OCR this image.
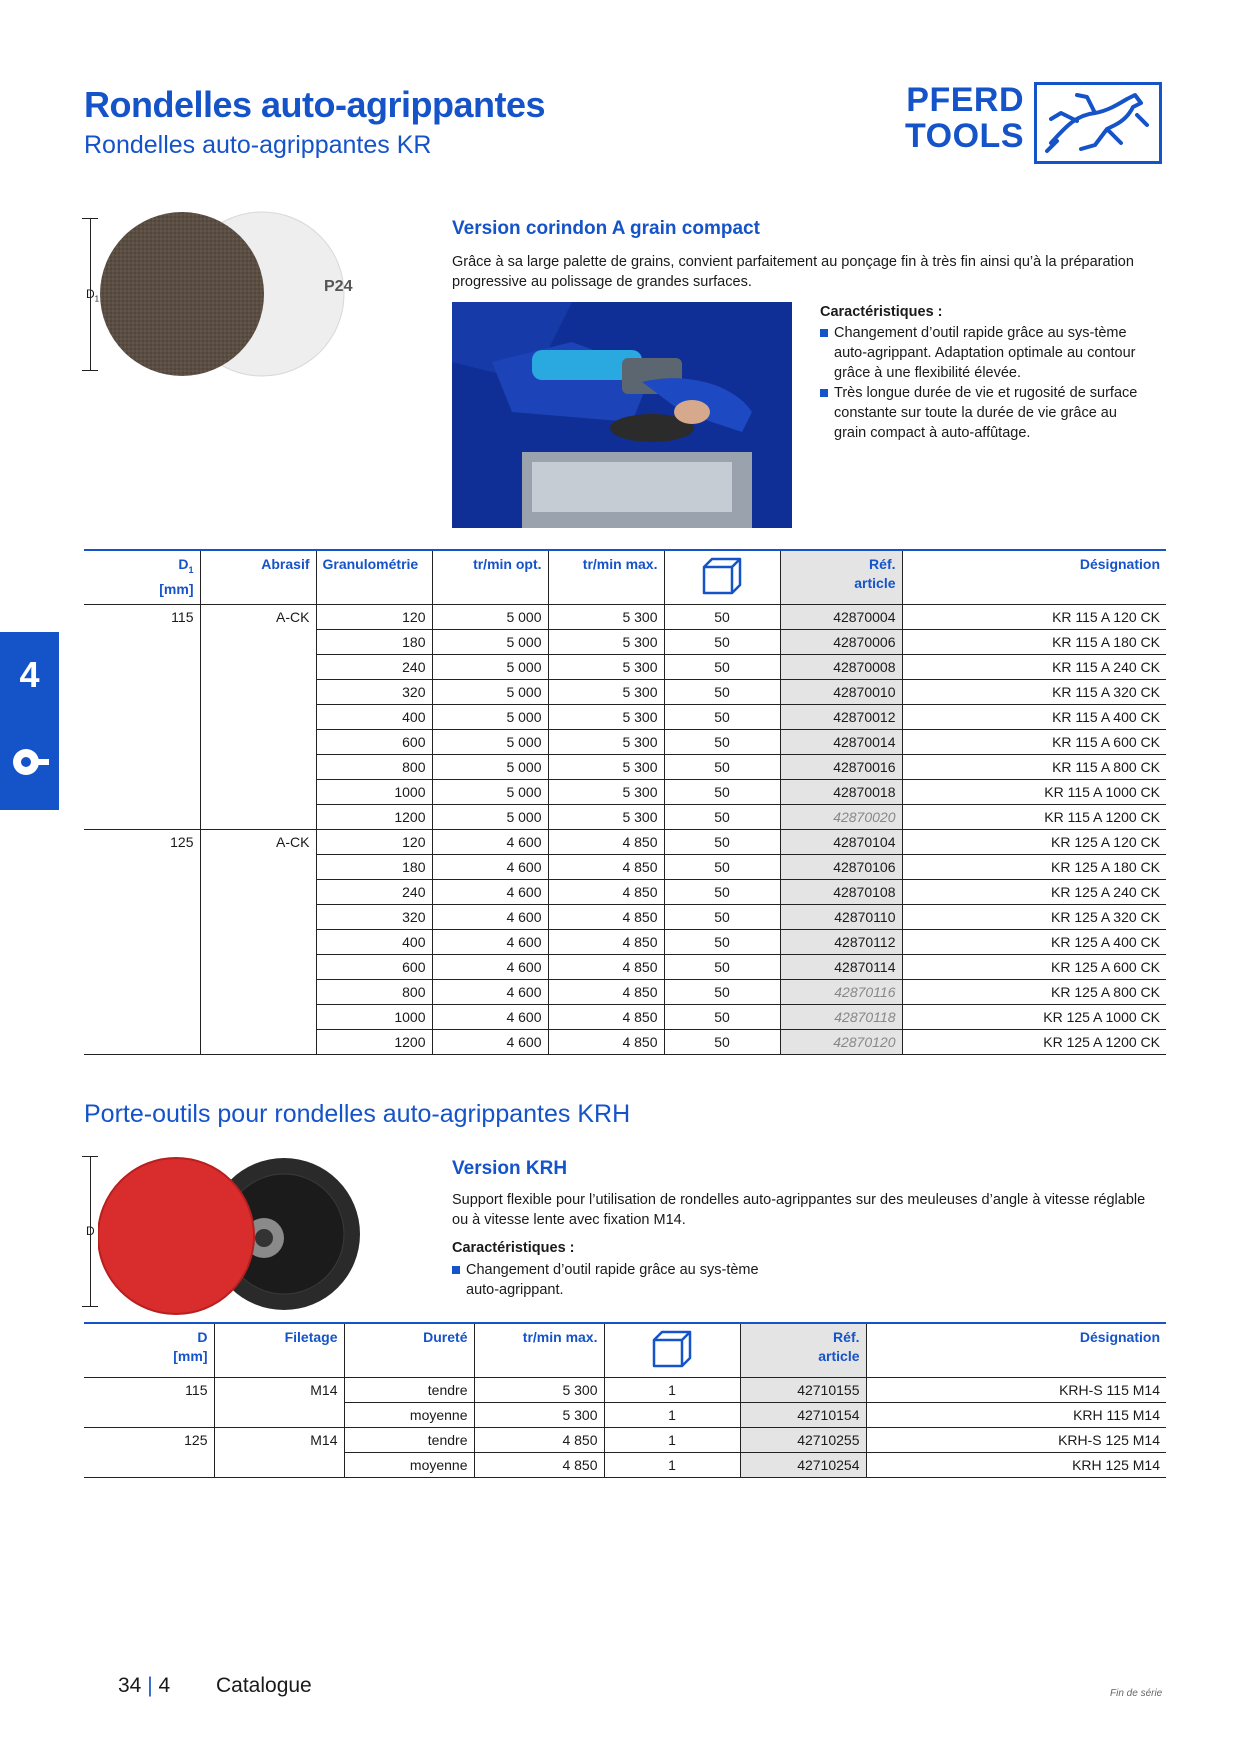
Rondelles auto-agrippantes
Rondelles auto-agrippantes KR
PFERD
TOOLS
4
$D_1$
P24
Version corindon A grain compact
Grâce à sa large palette de grains, convient parfaitement au ponçage fin à très fin ainsi qu’à la préparation progressive au polissage de grandes surfaces.
Caractéristiques :
Changement d’outil rapide grâce au sys-tème auto-agrippant. Adaptation optimale au contour grâce à une flexibilité élevée.
Très longue durée de vie et rugosité de surface constante sur toute la durée de vie grâce au grain compact à auto-affûtage.
$D_1$
[mm]	Abrasif	Granulométrie	tr/min opt.	tr/min max.		Réf.
article	Désignation
115	A-CK	120	5 000	5 300	50	42870004	KR 115 A 120 CK
		180	5 000	5 300	50	42870006	KR 115 A 180 CK
		240	5 000	5 300	50	42870008	KR 115 A 240 CK
		320	5 000	5 300	50	42870010	KR 115 A 320 CK
		400	5 000	5 300	50	42870012	KR 115 A 400 CK
		600	5 000	5 300	50	42870014	KR 115 A 600 CK
		800	5 000	5 300	50	42870016	KR 115 A 800 CK
		1000	5 000	5 300	50	42870018	KR 115 A 1000 CK
		1200	5 000	5 300	50	42870020	KR 115 A 1200 CK
125	A-CK	120	4 600	4 850	50	42870104	KR 125 A 120 CK
		180	4 600	4 850	50	42870106	KR 125 A 180 CK
		240	4 600	4 850	50	42870108	KR 125 A 240 CK
		320	4 600	4 850	50	42870110	KR 125 A 320 CK
		400	4 600	4 850	50	42870112	KR 125 A 400 CK
		600	4 600	4 850	50	42870114	KR 125 A 600 CK
		800	4 600	4 850	50	42870116	KR 125 A 800 CK
		1000	4 600	4 850	50	42870118	KR 125 A 1000 CK
		1200	4 600	4 850	50	42870120	KR 125 A 1200 CK
Porte-outils pour rondelles auto-agrippantes KRH
D
Version KRH
Support flexible pour l’utilisation de rondelles auto-agrippantes sur des meuleuses d’angle à vitesse réglable ou à vitesse lente avec fixation M14.
Caractéristiques :
Changement d’outil rapide grâce au sys-tème auto-agrippant.
D
[mm]	Filetage	Dureté	tr/min max.		Réf.
article	Désignation
115	M14	tendre	5 300	1	42710155	KRH-S 115 M14
		moyenne	5 300	1	42710154	KRH 115 M14
125	M14	tendre	4 850	1	42710255	KRH-S 125 M14
		moyenne	4 850	1	42710254	KRH 125 M14
34 | 4 Catalogue	Fin de série
